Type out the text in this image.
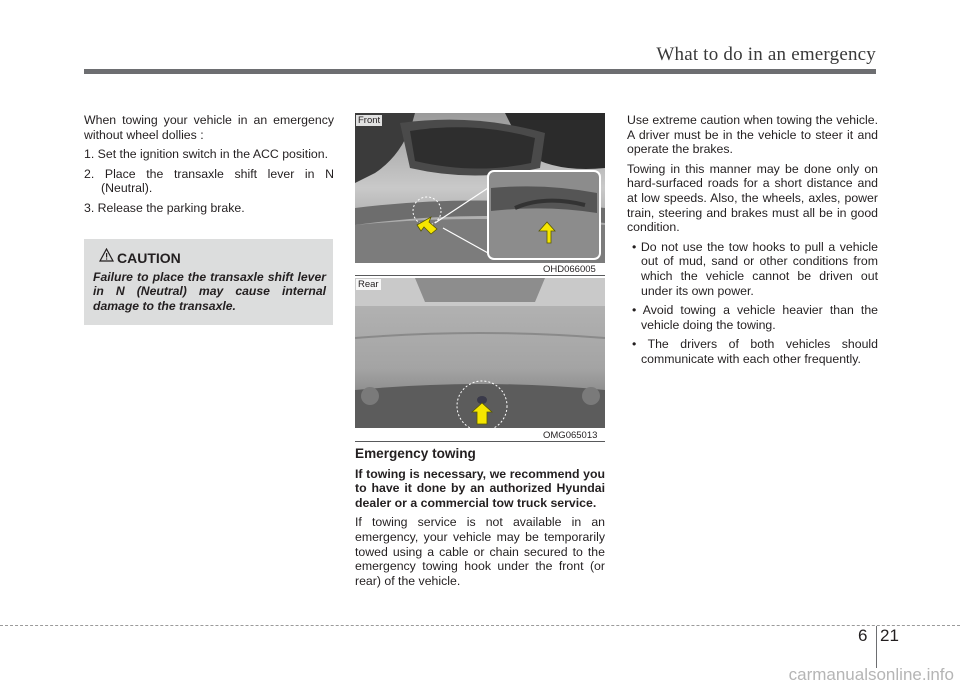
What to do in an emergency

When towing your vehicle in an emergency without wheel dollies :

1. Set the ignition switch in the ACC position.

2. Place the transaxle shift lever in N (Neutral).

3. Release the parking brake.

CAUTION
Failure to place the transaxle shift lever in N (Neutral) may cause internal damage to the transaxle.
Front
OHD066005
Rear
OMG065013
Emergency towing

If towing is necessary, we recommend you to have it done by an authorized Hyundai dealer or a commercial tow truck service.

If towing service is not available in an emergency, your vehicle may be temporarily towed using a cable or chain secured to the emergency towing hook under the front (or rear) of the vehicle.

Use extreme caution when towing the vehicle. A driver must be in the vehicle to steer it and operate the brakes.

Towing in this manner may be done only on hard-surfaced roads for a short distance and at low speeds. Also, the wheels, axles, power train, steering and brakes must all be in good condition.

• Do not use the tow hooks to pull a vehicle out of mud, sand or other conditions from which the vehicle cannot be driven out under its own power.

• Avoid towing a vehicle heavier than the vehicle doing the towing.

• The drivers of both vehicles should communicate with each other frequently.

6 21
carmanualsonline.info
